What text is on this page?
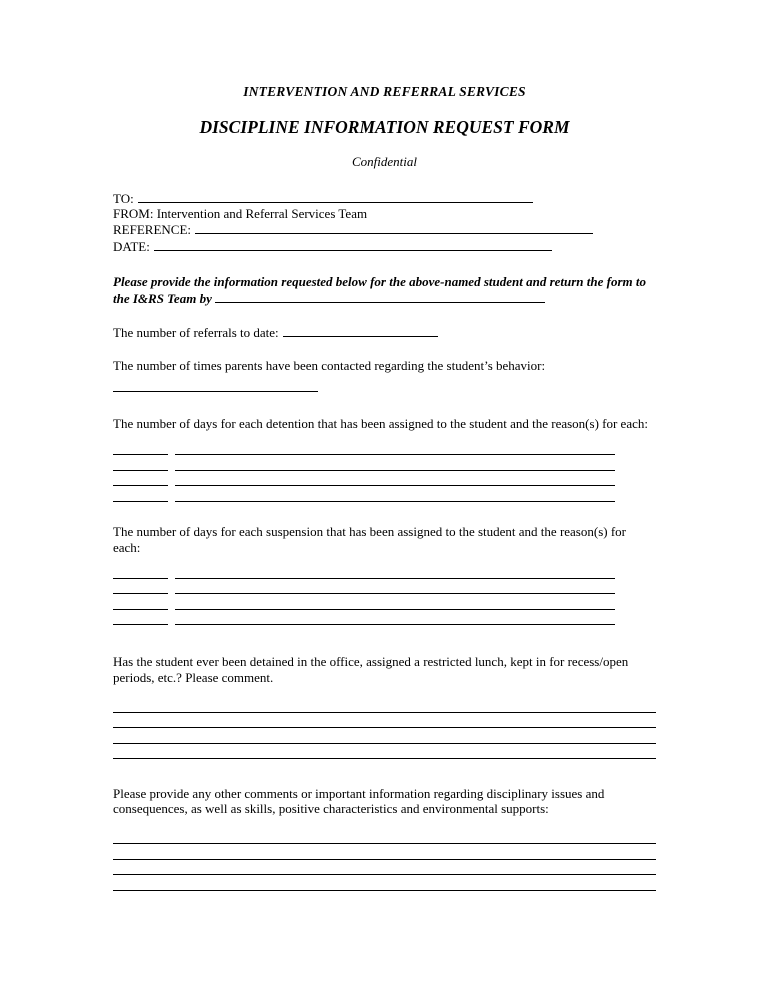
INTERVENTION AND REFERRAL SERVICES
DISCIPLINE INFORMATION REQUEST FORM
Confidential
TO:
FROM: Intervention and Referral Services Team
REFERENCE:
DATE:

Please provide the information requested below for the above-named student and return the form to the I&RS Team by

The number of referrals to date:

The number of times parents have been contacted regarding the student’s behavior:

The number of days for each detention that has been assigned to the student and the reason(s) for each:

The number of days for each suspension that has been assigned to the student and the reason(s) for each:

Has the student ever been detained in the office, assigned a restricted lunch, kept in for recess/open periods, etc.? Please comment.

Please provide any other comments or important information regarding disciplinary issues and consequences, as well as skills, positive characteristics and environmental supports:
